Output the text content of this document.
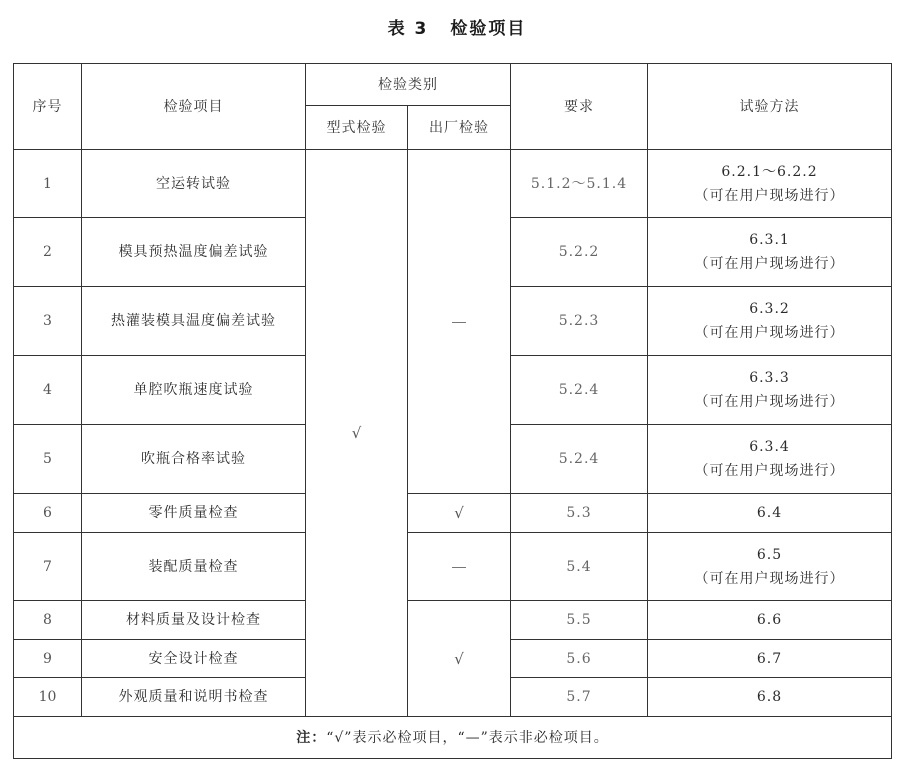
表 3 检验项目
序号	检验项目	检验类别		要求	试验方法
		型式检验	出厂检验		
1	空运转试验	√		5.1.2～5.1.4	6.2.1～6.2.2
（可在用户现场进行）

2	模具预热温度偏差试验			5.2.2	6.3.1
（可在用户现场进行）

3	热灌装模具温度偏差试验			5.2.3	6.3.2
（可在用户现场进行）

4	单腔吹瓶速度试验			5.2.4	6.3.3
（可在用户现场进行）

5	吹瓶合格率试验			5.2.4	6.3.4
（可在用户现场进行）

6	零件质量检查		√	5.3	6.4
7	装配质量检查			5.4	6.5
（可在用户现场进行）

8	材料质量及设计检查		√	5.5	6.6
9	安全设计检查			5.6	6.7
10	外观质量和说明书检查			5.7	6.8
注：“√”表示必检项目，“—”表示非必检项目。					
